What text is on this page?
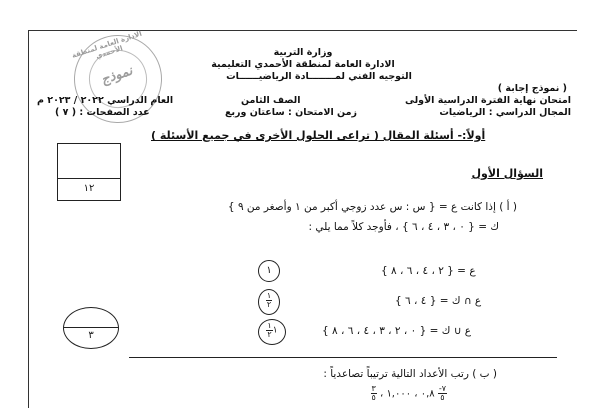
الادارة العامة لمنطقة الأحمدي
نموذج
وزارة التربية
الادارة العامة لمنطقة الأحمدي التعليمية
التوجيه الفني لمــــــــادة الرياضيــــــات
( نموذج إجابة )
امتحان نهاية الفترة الدراسية الأولى
المجال الدراسي : الرياضيات
الصف الثامن
زمن الامتحان : ساعتان وربع
العام الدراسي ٢٠٢٢ / ٢٠٢٣ م
عدد الصفحات : ( ٧ )
أولاً:- أسئلة المقال ( تراعى الحلول الأخرى في جميع الأسئلة )
١٢
السؤال الأول
( أ ) إذا كانت ع = { س : س عدد زوجي أكبر من ١ وأصغر من ٩ }
ك = { ٠ ، ٣ ، ٤ ، ٦ } ، فأوجد كلاً مما يلي :
ع = { ٢ ، ٤ ، ٦ ، ٨ }
١
ع ∩ ك = { ٤ ، ٦ }
$\frac{١}{٢}$
ع ∪ ك = { ٠ ، ٢ ، ٣ ، ٤ ، ٦ ، ٨ }
١
$\frac{١}{٢}$
٣
( ب ) رتب الأعداد التالية ترتيباً تصاعدياً :
$\frac{٧-}{٥}$
٠,٨ ، ١,٠٠٠ ،
$\frac{٣}{٥}$
